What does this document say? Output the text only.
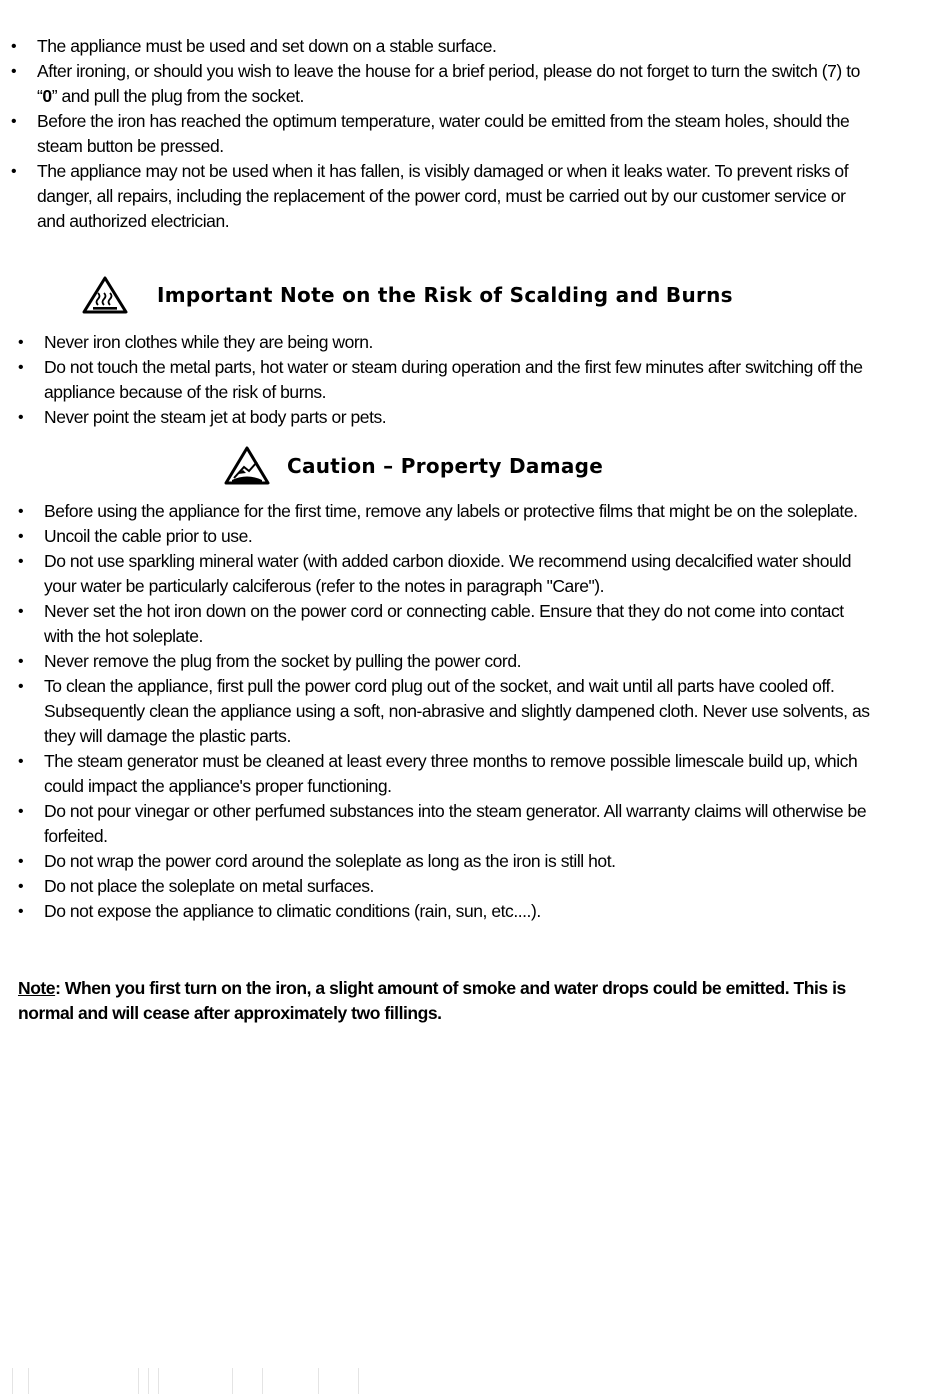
• The appliance must be used and set down on a stable surface.
• After ironing, or should you wish to leave the house for a brief period, please do not forget to turn the switch (7) to “0” and pull the plug from the socket.
• Before the iron has reached the optimum temperature, water could be emitted from the steam holes, should the steam button be pressed.
• The appliance may not be used when it has fallen, is visibly damaged or when it leaks water. To prevent risks of danger, all repairs, including the replacement of the power cord, must be carried out by our customer service or and authorized electrician.
Important Note on the Risk of Scalding and Burns
• Never iron clothes while they are being worn.
• Do not touch the metal parts, hot water or steam during operation and the first few minutes after switching off the appliance because of the risk of burns.
• Never point the steam jet at body parts or pets.
Caution – Property Damage
• Before using the appliance for the first time, remove any labels or protective films that might be on the soleplate.
• Uncoil the cable prior to use.
• Do not use sparkling mineral water (with added carbon dioxide. We recommend using decalcified water should your water be particularly calciferous (refer to the notes in paragraph "Care").
• Never set the hot iron down on the power cord or connecting cable. Ensure that they do not come into contact with the hot soleplate.
• Never remove the plug from the socket by pulling the power cord.
• To clean the appliance, first pull the power cord plug out of the socket, and wait until all parts have cooled off. Subsequently clean the appliance using a soft, non-abrasive and slightly dampened cloth. Never use solvents, as they will damage the plastic parts.
• The steam generator must be cleaned at least every three months to remove possible limescale build up, which could impact the appliance's proper functioning.
• Do not pour vinegar or other perfumed substances into the steam generator. All warranty claims will otherwise be forfeited.
• Do not wrap the power cord around the soleplate as long as the iron is still hot.
• Do not place the soleplate on metal surfaces.
• Do not expose the appliance to climatic conditions (rain, sun, etc....).
Note: When you first turn on the iron, a slight amount of smoke and water drops could be emitted. This is normal and will cease after approximately two fillings.
